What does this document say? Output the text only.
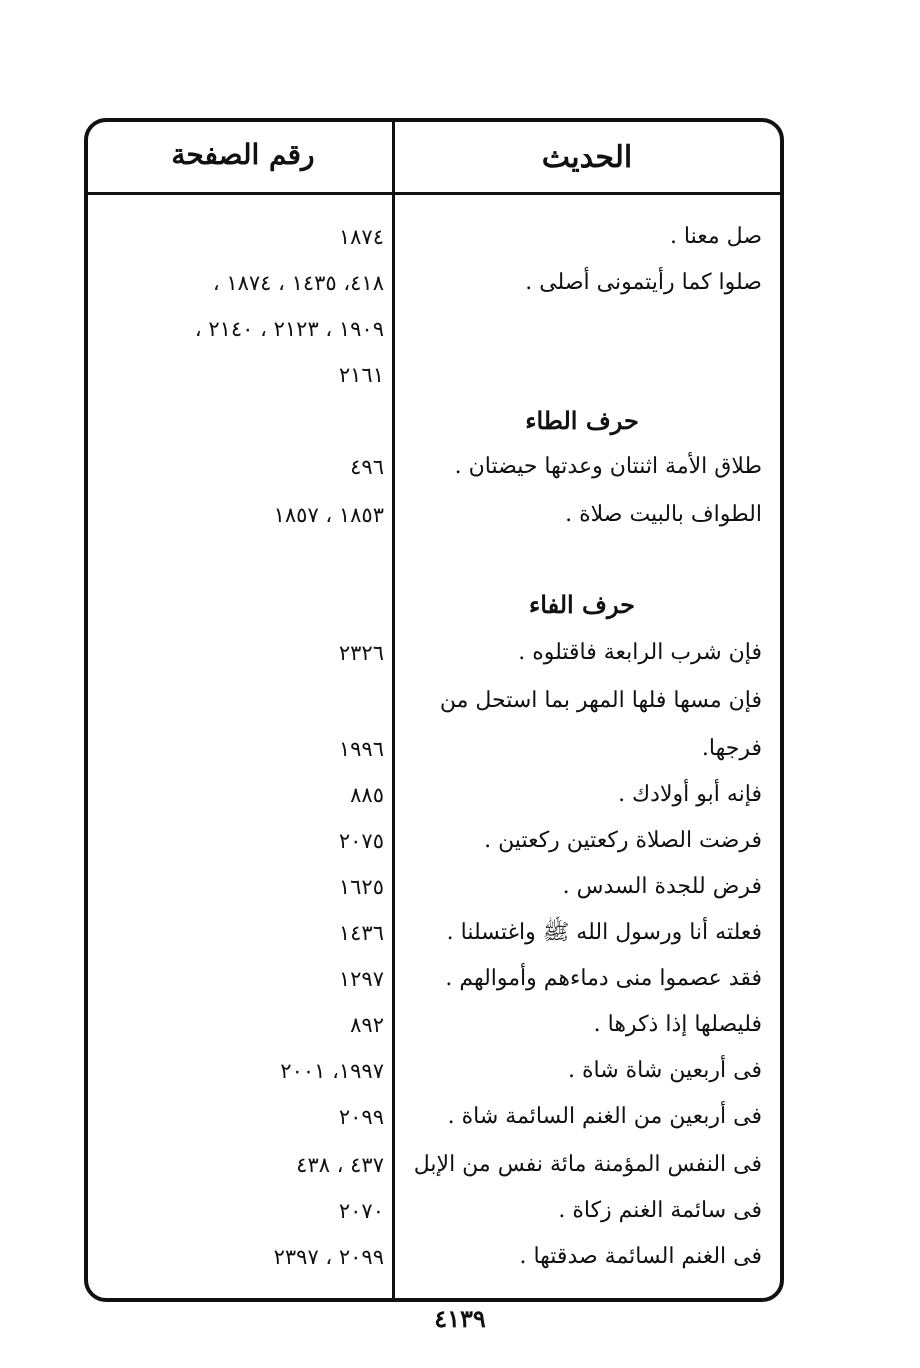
الحديث
رقم الصفحة
صل معنا .
١٨٧٤
صلوا كما رأيتمونى أصلى .
٤١٨، ١٤٣٥ ، ١٨٧٤ ،
١٩٠٩ ، ٢١٢٣ ، ٢١٤٠ ،
٢١٦١
حرف الطاء
طلاق الأمة اثنتان وعدتها حيضتان .
٤٩٦
الطواف بالبيت صلاة .
١٨٥٣ ، ١٨٥٧
حرف الفاء
فإن شرب الرابعة فاقتلوه .
٢٣٢٦
فإن مسها فلها المهر بما استحل من
فرجها.
١٩٩٦
فإنه أبو أولادك .
٨٨٥
فرضت الصلاة ركعتين ركعتين .
٢٠٧٥
فرض للجدة السدس .
١٦٢٥
فعلته أنا ورسول الله ﷺ واغتسلنا .
١٤٣٦
فقد عصموا منى دماءهم وأموالهم .
١٢٩٧
فليصلها إذا ذكرها .
٨٩٢
فى أربعين شاة شاة .
١٩٩٧، ٢٠٠١
فى أربعين من الغنم السائمة شاة .
٢٠٩٩
فى النفس المؤمنة مائة نفس من الإبل
٤٣٧ ، ٤٣٨
فى سائمة الغنم زكاة .
٢٠٧٠
فى الغنم السائمة صدقتها .
٢٠٩٩ ، ٢٣٩٧
٤١٣٩
